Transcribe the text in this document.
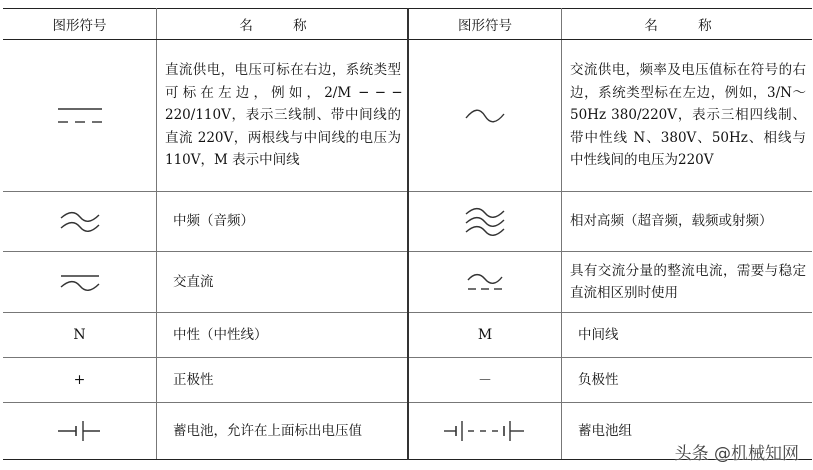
图形符号	名 称	图形符号	名 称

	直流供电，电压可标在右边，系统类型可标在左边，例如，2/M ─ ─ ─ 220/110V，表示三线制、带中间线的直流 220V，两根线与中间线的电压为110V，M 表示中间线		交流供电，频率及电压值标在符号的右边，系统类型标在左边，例如，3/N～50Hz 380/220V，表示三相四线制、带中性线 N、380V、50Hz、相线与中性线间的电压为220V

	中频（音频）		相对高频（超音频，载频或射频）

	交直流		具有交流分量的整流电流，需要与稳定直流相区别时使用
N	中性（中性线）	M	中间线
+	正极性	－	负极性

	蓄电池，允许在上面标出电压值		蓄电池组
头条 @机械知网
